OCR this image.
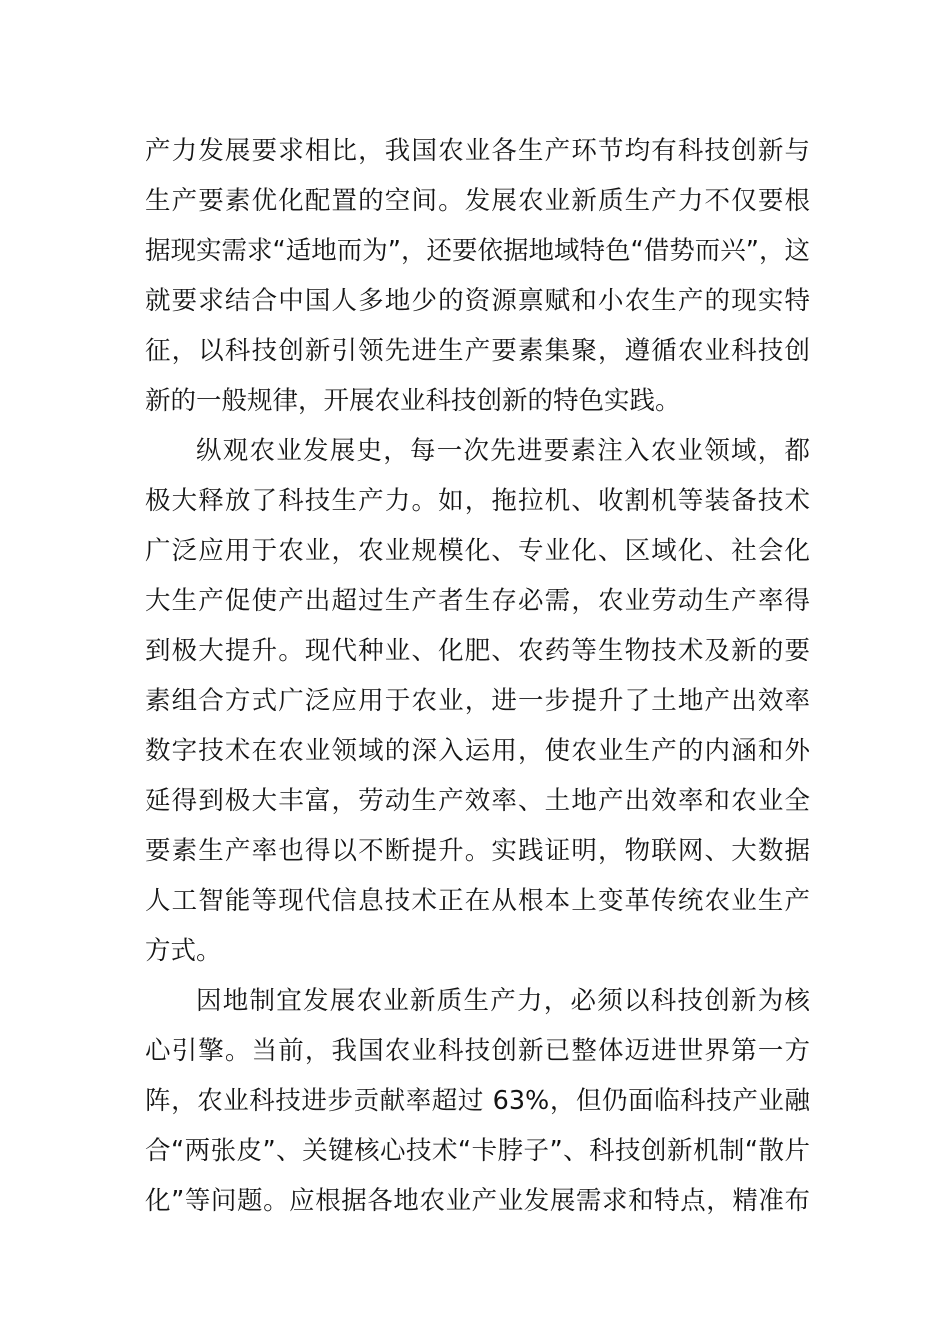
产力发展要求相比，我国农业各生产环节均有科技创新与
生产要素优化配置的空间。发展农业新质生产力不仅要根
据现实需求“适地而为”，还要依据地域特色“借势而兴”，这
就要求结合中国人多地少的资源禀赋和小农生产的现实特
征，以科技创新引领先进生产要素集聚，遵循农业科技创
新的一般规律，开展农业科技创新的特色实践。
纵观农业发展史，每一次先进要素注入农业领域，都
极大释放了科技生产力。如，拖拉机、收割机等装备技术
广泛应用于农业，农业规模化、专业化、区域化、社会化
大生产促使产出超过生产者生存必需，农业劳动生产率得
到极大提升。现代种业、化肥、农药等生物技术及新的要
素组合方式广泛应用于农业，进一步提升了土地产出效率
数字技术在农业领域的深入运用，使农业生产的内涵和外
延得到极大丰富，劳动生产效率、土地产出效率和农业全
要素生产率也得以不断提升。实践证明，物联网、大数据
人工智能等现代信息技术正在从根本上变革传统农业生产
方式。
因地制宜发展农业新质生产力，必须以科技创新为核
心引擎。当前，我国农业科技创新已整体迈进世界第一方
阵，农业科技进步贡献率超过 63%，但仍面临科技产业融
合“两张皮”、关键核心技术“卡脖子”、科技创新机制“散片
化”等问题。应根据各地农业产业发展需求和特点，精准布
